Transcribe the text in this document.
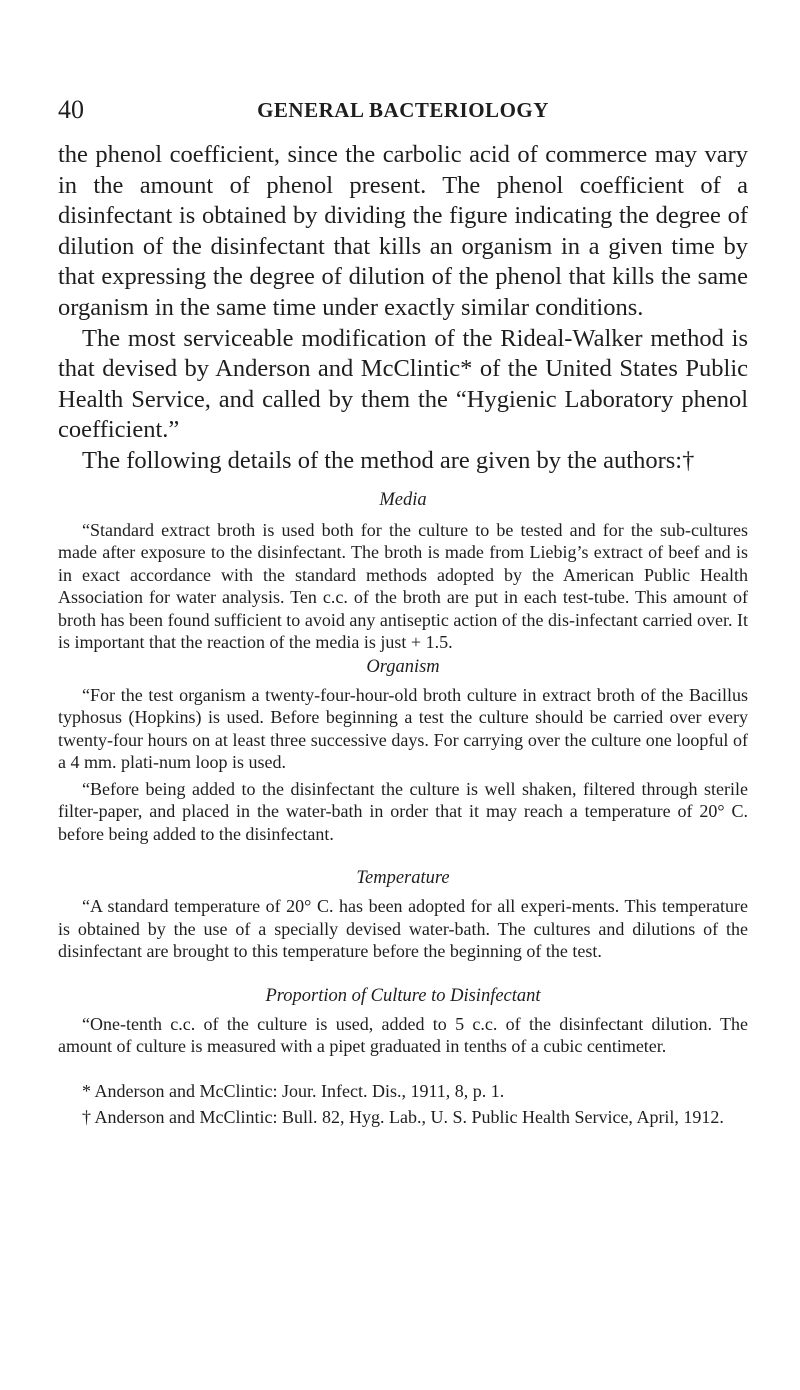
40	GENERAL BACTERIOLOGY

the phenol coefficient, since the carbolic acid of commerce may vary in the amount of phenol present. The phenol coefficient of a disinfectant is obtained by dividing the figure indicating the degree of dilution of the disinfectant that kills an organism in a given time by that expressing the degree of dilution of the phenol that kills the same organism in the same time under exactly similar conditions.

The most serviceable modification of the Rideal-Walker method is that devised by Anderson and McClintic* of the United States Public Health Service, and called by them the “Hygienic Laboratory phenol coefficient.”

The following details of the method are given by the authors:†

Media

“Standard extract broth is used both for the culture to be tested and for the sub-cultures made after exposure to the disinfectant. The broth is made from Liebig’s extract of beef and is in exact accordance with the standard methods adopted by the American Public Health Association for water analysis. Ten c.c. of the broth are put in each test-tube. This amount of broth has been found sufficient to avoid any antiseptic action of the dis-infectant carried over. It is important that the reaction of the media is just + 1.5.

Organism

“For the test organism a twenty-four-hour-old broth culture in extract broth of the Bacillus typhosus (Hopkins) is used. Before beginning a test the culture should be carried over every twenty-four hours on at least three successive days. For carrying over the culture one loopful of a 4 mm. plati-num loop is used.

“Before being added to the disinfectant the culture is well shaken, filtered through sterile filter-paper, and placed in the water-bath in order that it may reach a temperature of 20° C. before being added to the disinfectant.

Temperature

“A standard temperature of 20° C. has been adopted for all experi-ments. This temperature is obtained by the use of a specially devised water-bath. The cultures and dilutions of the disinfectant are brought to this temperature before the beginning of the test.

Proportion of Culture to Disinfectant

“One-tenth c.c. of the culture is used, added to 5 c.c. of the disinfectant dilution. The amount of culture is measured with a pipet graduated in tenths of a cubic centimeter.

* Anderson and McClintic: Jour. Infect. Dis., 1911, 8, p. 1.

† Anderson and McClintic: Bull. 82, Hyg. Lab., U. S. Public Health Service, April, 1912.
